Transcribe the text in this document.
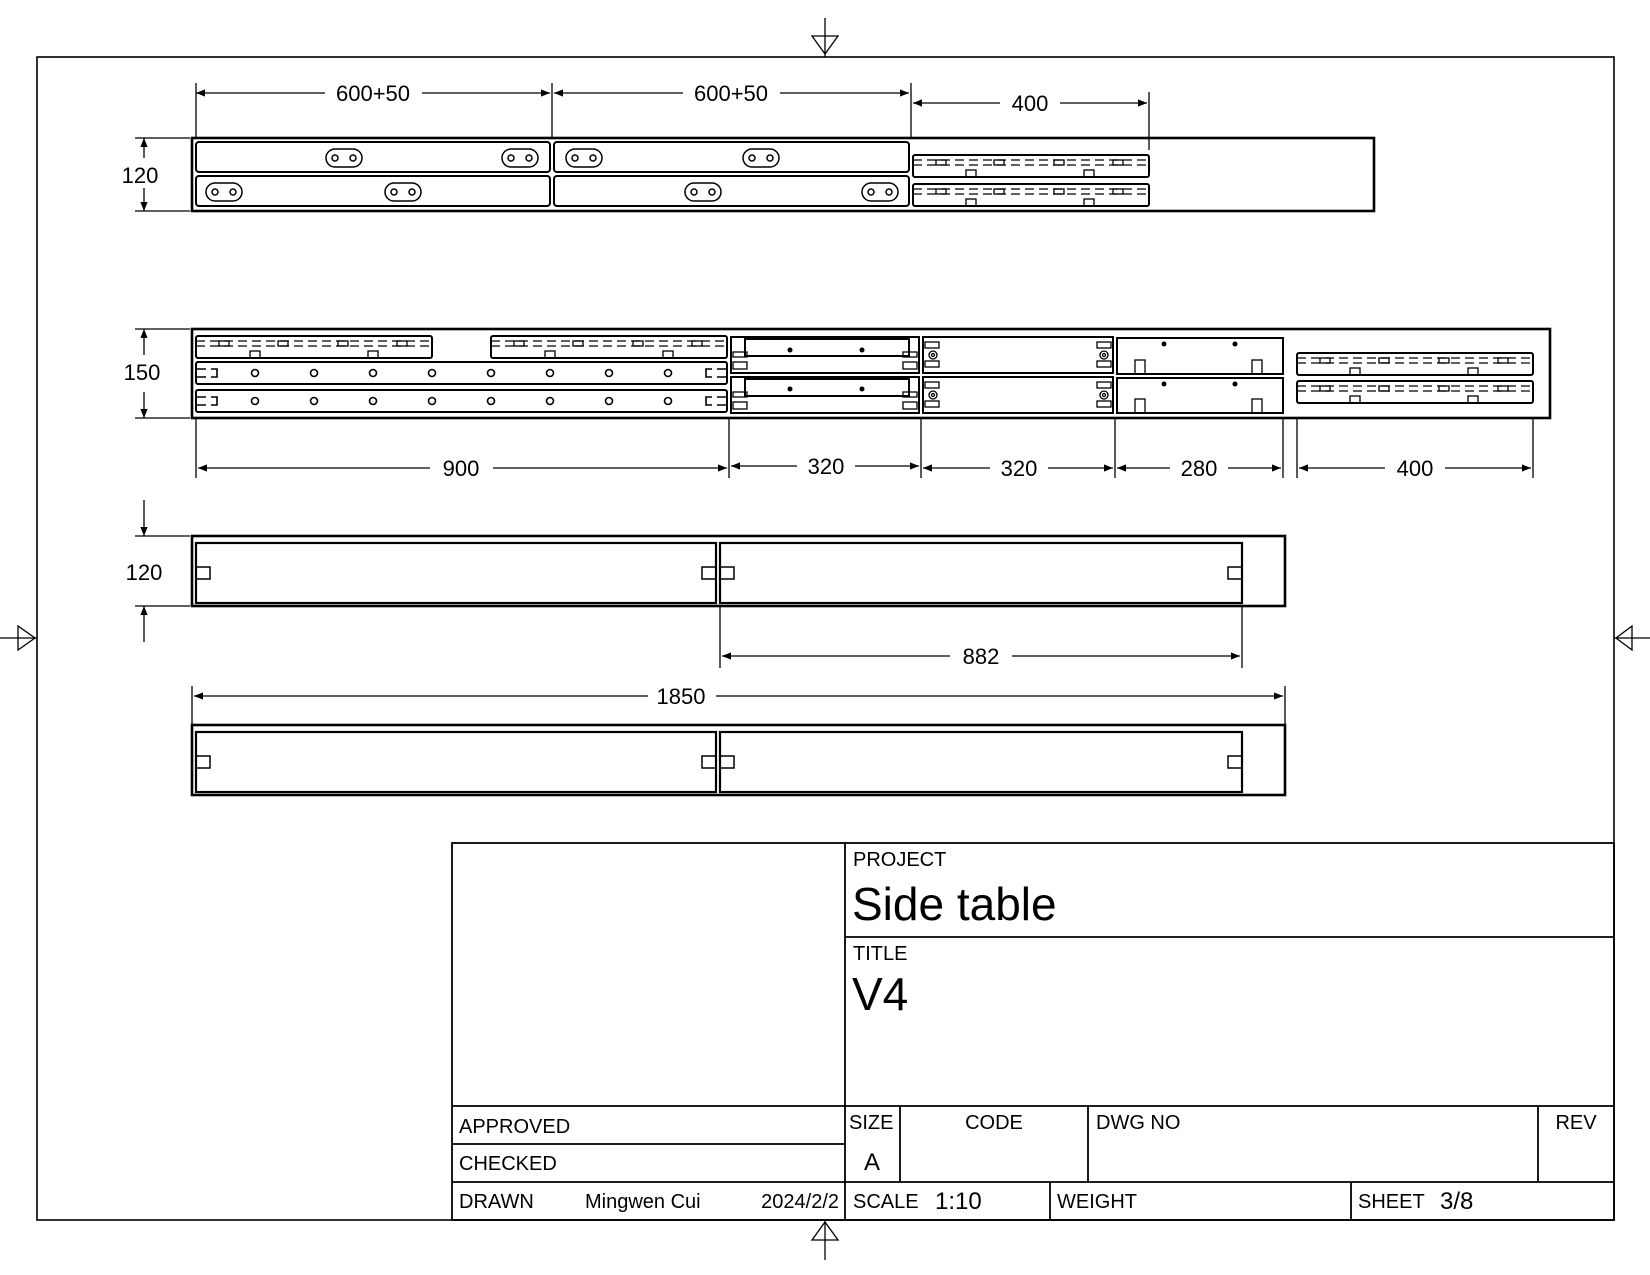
600+50	600+50	400
120
150
900	320	320	280	400
120
882
1850
PROJECT
Side table
TITLE
V4
APPROVED
CHECKED
DRAWN	Mingwen Cui	2024/2/2
SIZE
A
CODE	DWG NO	REV
SCALE 1:10	WEIGHT	SHEET 3/8
